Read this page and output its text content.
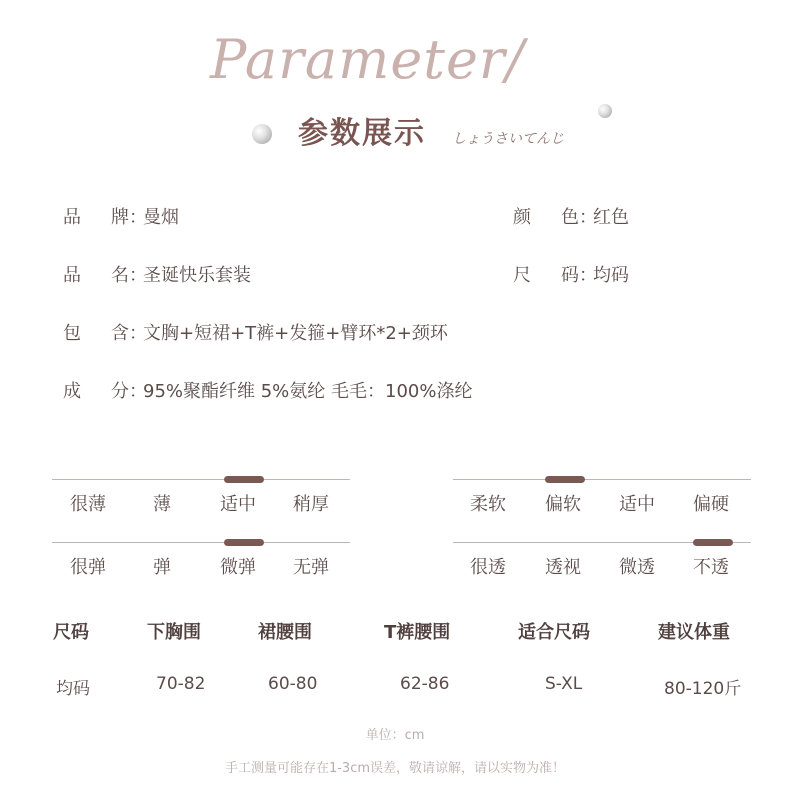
Parameter/
参数展示 しょうさいてんじ
品 牌：曼烟	颜 色：红色
品 名：圣诞快乐套装	尺 码：均码
包 含：文胸+短裙+T裤+发箍+臂环*2+颈环
成 分：95%聚酯纤维 5%氨纶 毛毛：100%涤纶
很薄	薄	适中 稍厚	柔软 偏软 适中 偏硬
很弹	弹	微弹 无弹	很透 透视 微透 不透
尺码	下胸围	裙腰围	T裤腰围	适合尺码	建议体重
均码	70-82	60-80	62-86	S-XL	80-120斤
单位：cm
手工测量可能存在1-3cm误差，敬请谅解，请以实物为准！
